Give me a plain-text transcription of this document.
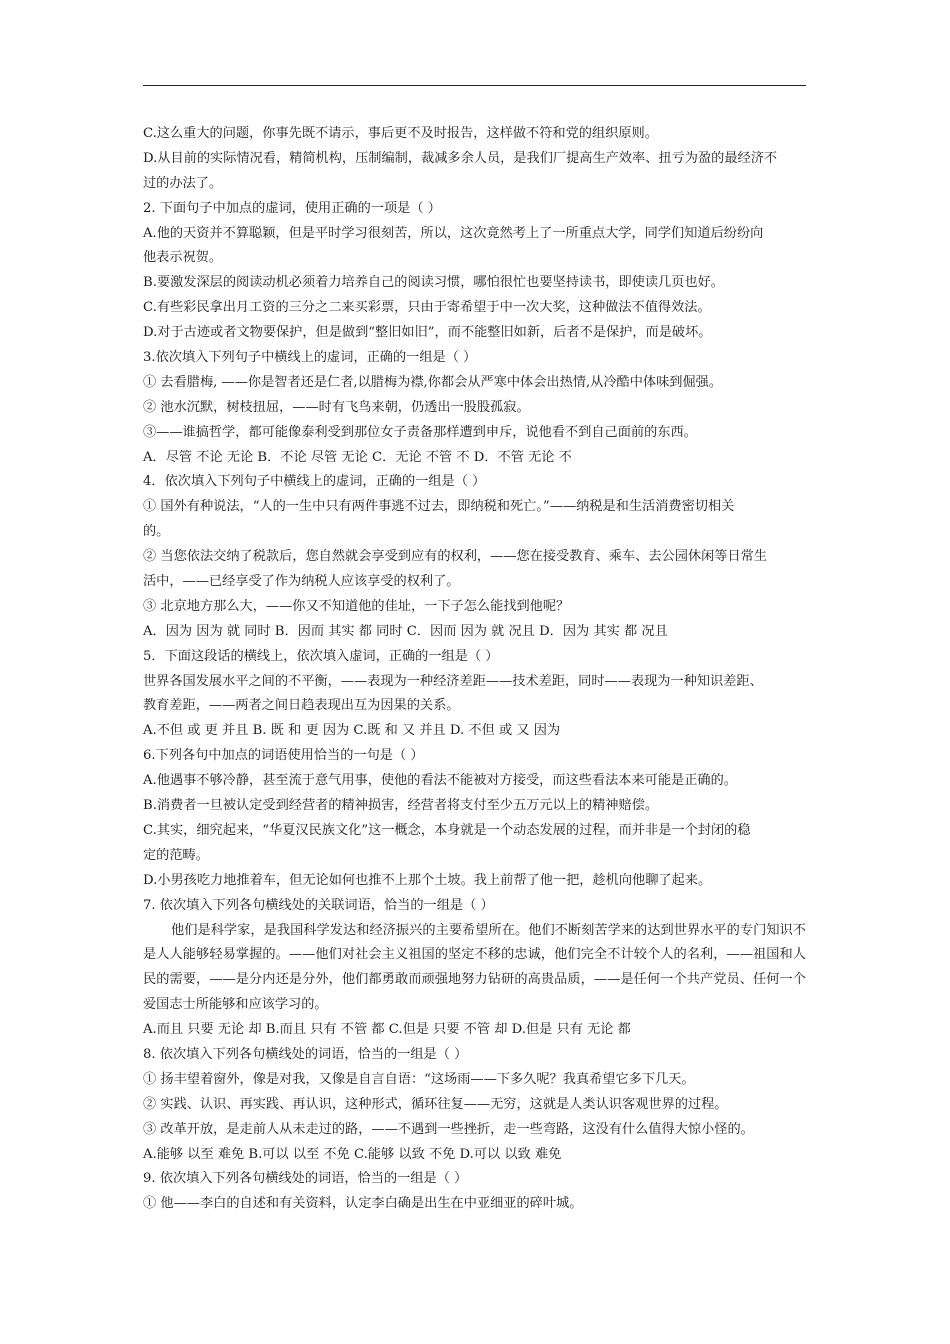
C.这么重大的问题，你事先既不请示，事后更不及时报告，这样做不符和党的组织原则。
D.从目前的实际情况看，精简机构，压制编制，裁减多余人员，是我们厂提高生产效率、扭亏为盈的最经济不
过的办法了。
2. 下面句子中加点的虚词，使用正确的一项是（ ）
A.他的天资并不算聪颖，但是平时学习很刻苦，所以，这次竟然考上了一所重点大学，同学们知道后纷纷向
他表示祝贺。
B.要激发深层的阅读动机必须着力培养自己的阅读习惯，哪怕很忙也要坚持读书，即使读几页也好。
C.有些彩民拿出月工资的三分之二来买彩票，只由于寄希望于中一次大奖，这种做法不值得效法。
D.对于古迹或者文物要保护，但是做到“整旧如旧”，而不能整旧如新，后者不是保护，而是破坏。
3.依次填入下列句子中横线上的虚词，正确的一组是（ ）
① 去看腊梅, ——你是智者还是仁者,以腊梅为襟,你都会从严寒中体会出热情,从冷酷中体味到倔强。
② 池水沉默，树枝扭屈，——时有飞鸟来朝，仍透出一股股孤寂。
③——谁搞哲学，都可能像泰利受到那位女子责备那样遭到申斥，说他看不到自己面前的东西。
A．尽管 不论 无论 B．不论 尽管 无论 C．无论 不管 不 D．不管 无论 不
4．依次填入下列句子中横线上的虚词，正确的一组是（ ）
① 国外有种说法，“人的一生中只有两件事逃不过去，即纳税和死亡。”——纳税是和生活消费密切相关
的。
② 当您依法交纳了税款后，您自然就会享受到应有的权利，——您在接受教育、乘车、去公园休闲等日常生
活中，——已经享受了作为纳税人应该享受的权利了。
③ 北京地方那么大，——你又不知道他的佳址，一下子怎么能找到他呢？
A．因为 因为 就 同时 B．因而 其实 都 同时 C．因而 因为 就 况且 D．因为 其实 都 况且
5．下面这段话的横线上，依次填入虚词，正确的一组是（ ）
世界各国发展水平之间的不平衡，——表现为一种经济差距——技术差距，同时——表现为一种知识差距、
教育差距，——两者之间日趋表现出互为因果的关系。
A.不但 或 更 并且 B. 既 和 更 因为 C.既 和 又 并且 D. 不但 或 又 因为
6.下列各句中加点的词语使用恰当的一句是（ ）
A.他遇事不够冷静，甚至流于意气用事，使他的看法不能被对方接受，而这些看法本来可能是正确的。
B.消费者一旦被认定受到经营者的精神损害，经营者将支付至少五万元以上的精神赔偿。
C.其实，细究起来，“华夏汉民族文化”这一概念，本身就是一个动态发展的过程，而并非是一个封闭的稳
定的范畴。
D.小男孩吃力地推着车，但无论如何也推不上那个土坡。我上前帮了他一把，趁机向他聊了起来。
7. 依次填入下列各句横线处的关联词语，恰当的一组是（ ）
他们是科学家，是我国科学发达和经济振兴的主要希望所在。他们不断刻苦学来的达到世界水平的专门知识不是人人能够轻易掌握的。——他们对社会主义祖国的坚定不移的忠诚，他们完全不计较个人的名利，——祖国和人民的需要，——是分内还是分外，他们都勇敢而顽强地努力钻研的高贵品质，——是任何一个共产党员、任何一个爱国志士所能够和应该学习的。
A.而且 只要 无论 却 B.而且 只有 不管 都 C.但是 只要 不管 却 D.但是 只有 无论 都
8. 依次填入下列各句横线处的词语，恰当的一组是（ ）
① 扬丰望着窗外，像是对我，又像是自言自语：“这场雨——下多久呢？我真希望它多下几天。
② 实践、认识、再实践、再认识，这种形式，循环往复——无穷，这就是人类认识客观世界的过程。
③ 改革开放，是走前人从未走过的路，——不遇到一些挫折，走一些弯路，这没有什么值得大惊小怪的。
A.能够 以至 难免 B.可以 以至 不免 C.能够 以致 不免 D.可以 以致 难免
9. 依次填入下列各句横线处的词语，恰当的一组是（ ）
① 他——李白的自述和有关资料，认定李白确是出生在中亚细亚的碎叶城。
